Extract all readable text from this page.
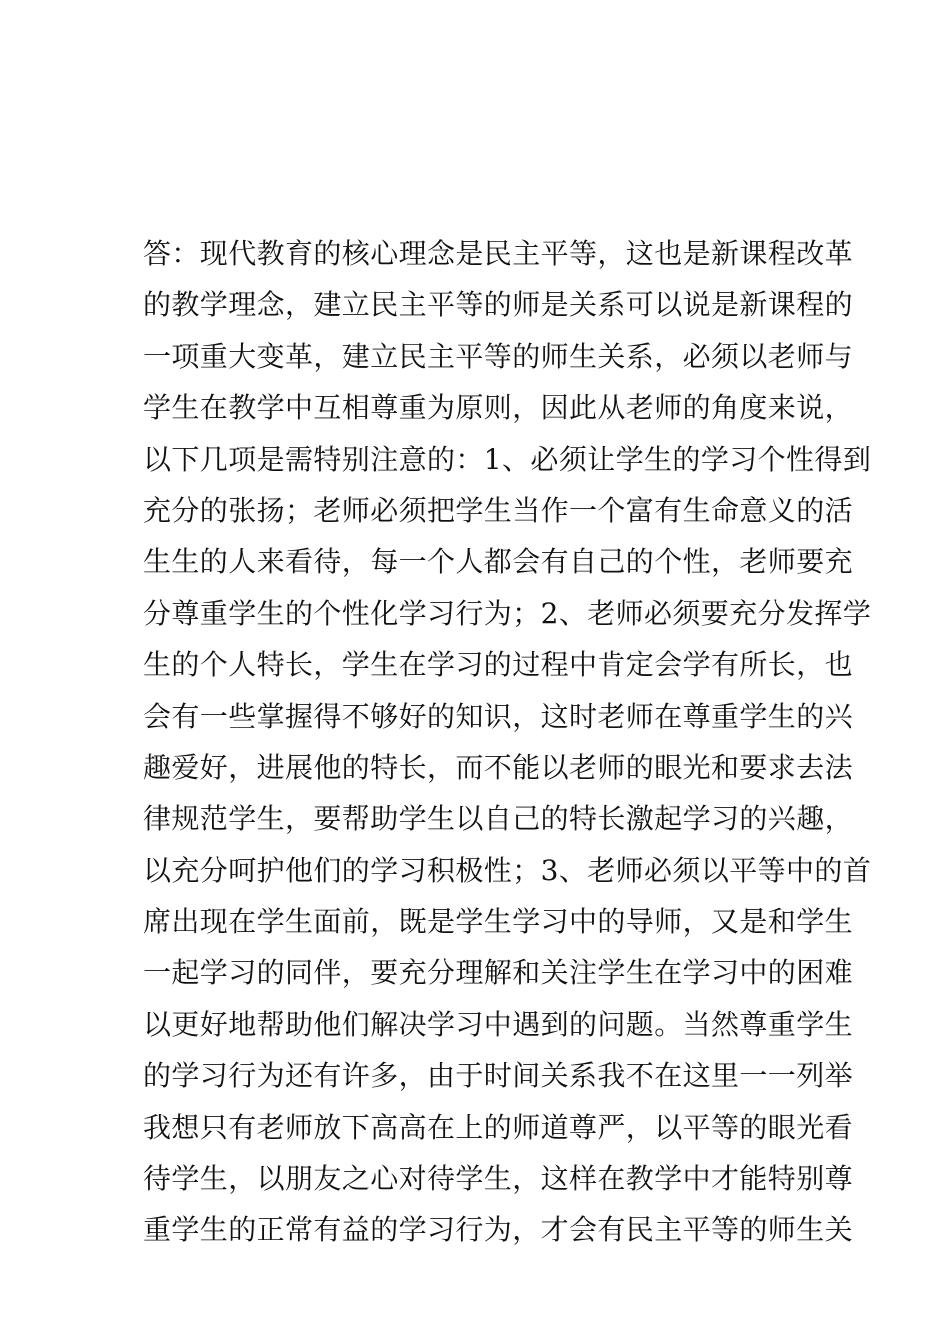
答：现代教育的核心理念是民主平等，这也是新课程改革
的教学理念，建立民主平等的师是关系可以说是新课程的
一项重大变革，建立民主平等的师生关系，必须以老师与
学生在教学中互相尊重为原则，因此从老师的角度来说，
以下几项是需特别注意的：1、必须让学生的学习个性得到
充分的张扬；老师必须把学生当作一个富有生命意义的活
生生的人来看待，每一个人都会有自己的个性，老师要充
分尊重学生的个性化学习行为；2、老师必须要充分发挥学
生的个人特长，学生在学习的过程中肯定会学有所长，也
会有一些掌握得不够好的知识，这时老师在尊重学生的兴
趣爱好，进展他的特长，而不能以老师的眼光和要求去法
律规范学生，要帮助学生以自己的特长激起学习的兴趣，
以充分呵护他们的学习积极性；3、老师必须以平等中的首
席出现在学生面前，既是学生学习中的导师，又是和学生
一起学习的同伴，要充分理解和关注学生在学习中的困难
以更好地帮助他们解决学习中遇到的问题。当然尊重学生
的学习行为还有许多，由于时间关系我不在这里一一列举
我想只有老师放下高高在上的师道尊严，以平等的眼光看
待学生，以朋友之心对待学生，这样在教学中才能特别尊
重学生的正常有益的学习行为，才会有民主平等的师生关
